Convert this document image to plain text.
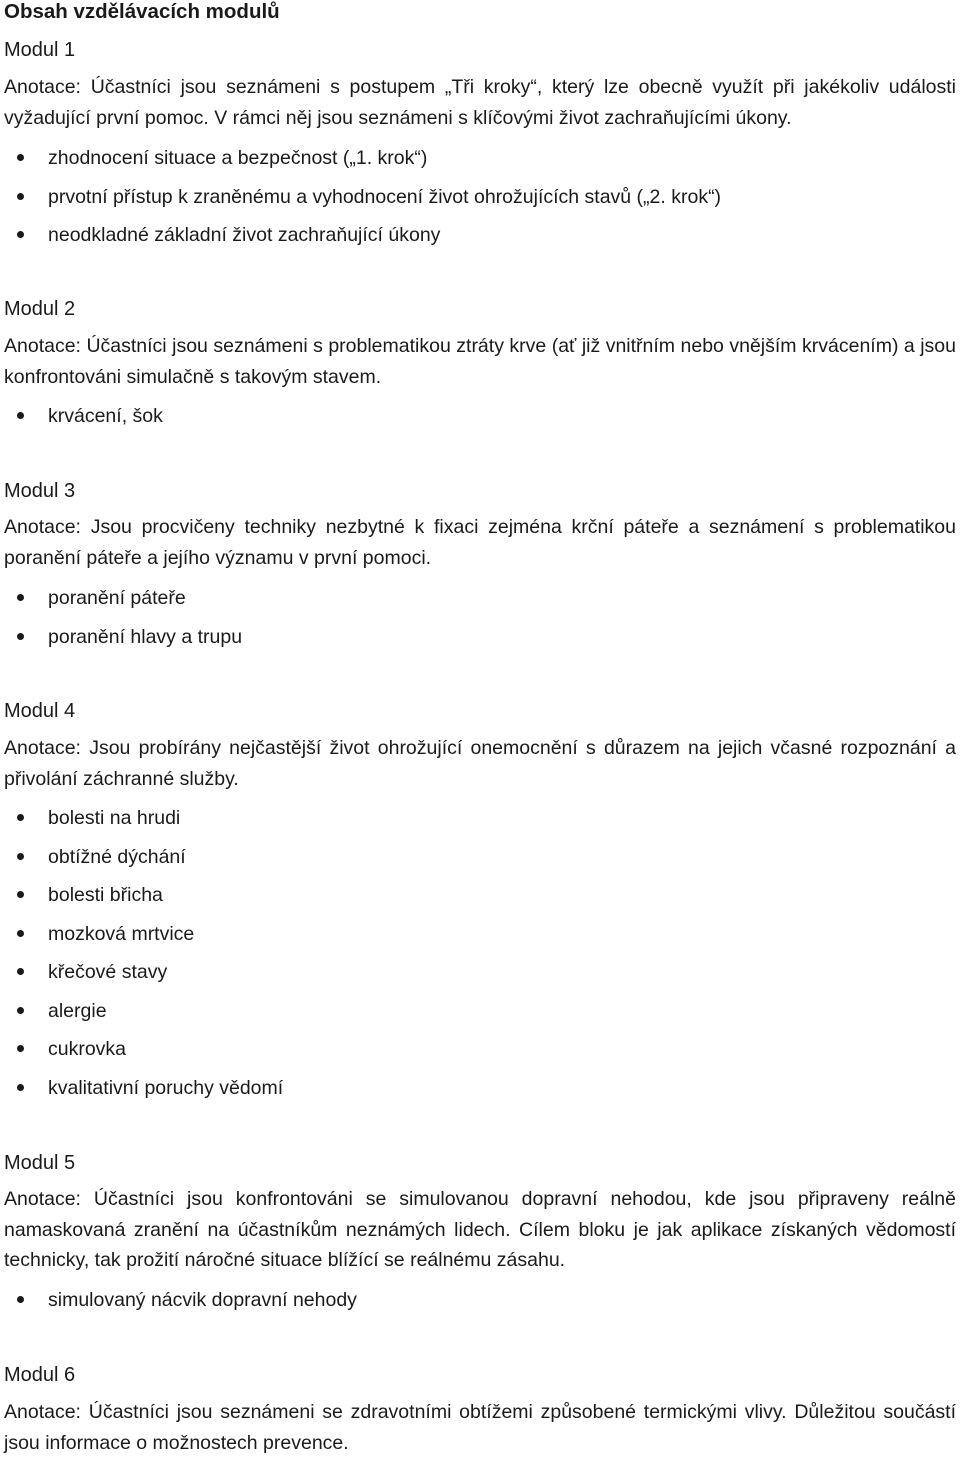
Obsah vzdělávacích modulů
Modul 1

Anotace: Účastníci jsou seznámeni s postupem „Tři kroky“, který lze obecně využít při jakékoliv události vyžadující první pomoc. V rámci něj jsou seznámeni s klíčovými život zachraňujícími úkony.

zhodnocení situace a bezpečnost („1. krok“)
prvotní přístup k zraněnému a vyhodnocení život ohrožujících stavů („2. krok“)
neodkladné základní život zachraňující úkony
Modul 2

Anotace: Účastníci jsou seznámeni s problematikou ztráty krve (ať již vnitřním nebo vnějším krvácením) a jsou konfrontováni simulačně s takovým stavem.

krvácení, šok
Modul 3

Anotace: Jsou procvičeny techniky nezbytné k fixaci zejména krční páteře a seznámení s problematikou poranění páteře a jejího významu v první pomoci.

poranění páteře
poranění hlavy a trupu
Modul 4

Anotace: Jsou probírány nejčastější život ohrožující onemocnění s důrazem na jejich včasné rozpoznání a přivolání záchranné služby.

bolesti na hrudi
obtížné dýchání
bolesti břicha
mozková mrtvice
křečové stavy
alergie
cukrovka
kvalitativní poruchy vědomí
Modul 5

Anotace: Účastníci jsou konfrontováni se simulovanou dopravní nehodou, kde jsou připraveny reálně namaskovaná zranění na účastníkům neznámých lidech. Cílem bloku je jak aplikace získaných vědomostí technicky, tak prožití náročné situace blížící se reálnému zásahu.

simulovaný nácvik dopravní nehody
Modul 6

Anotace: Účastníci jsou seznámeni se zdravotními obtížemi způsobené termickými vlivy. Důležitou součástí jsou informace o možnostech prevence.
